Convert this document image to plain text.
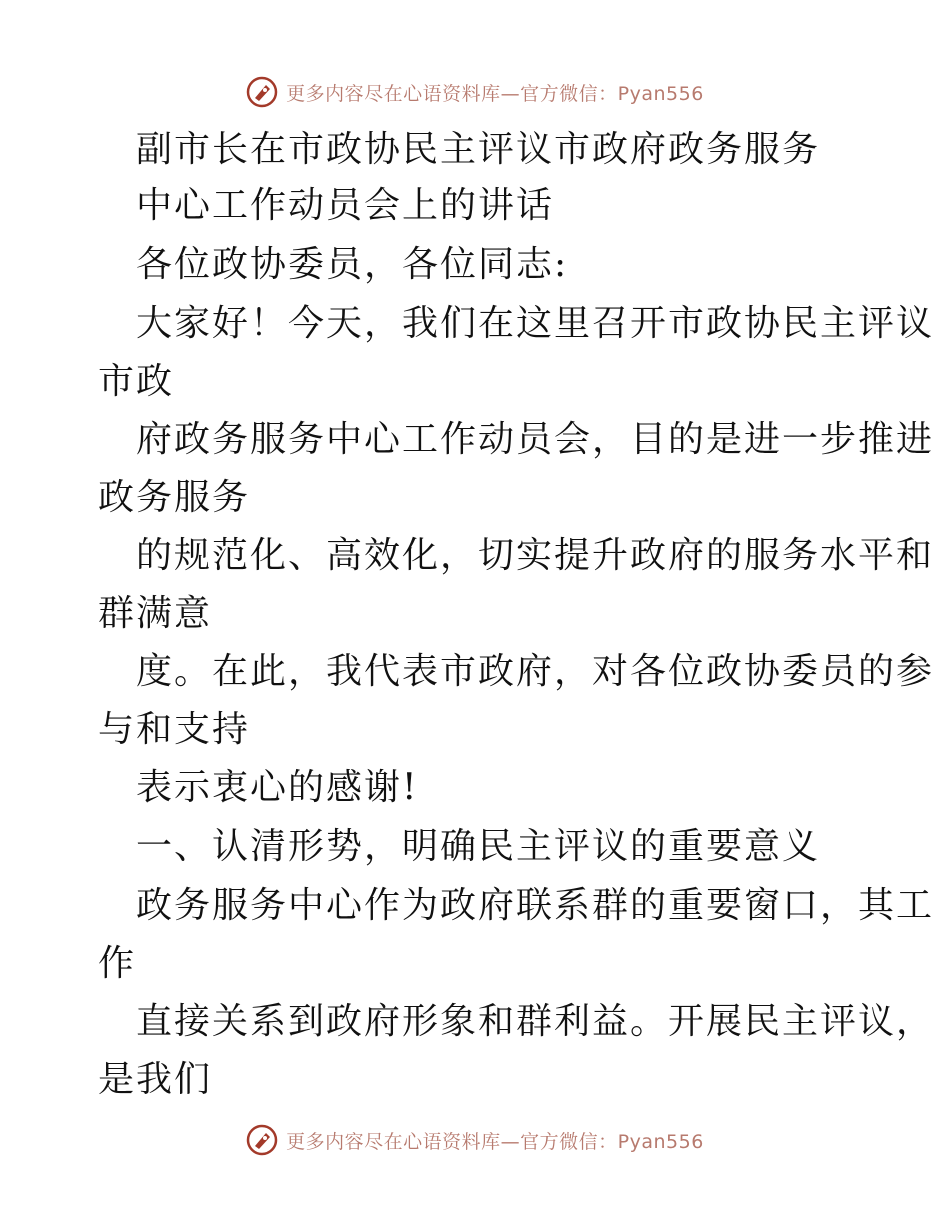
更多内容尽在心语资料库—官方微信：Pyan556
副市长在市政协民主评议市政府政务服务
中心工作动员会上的讲话
各位政协委员，各位同志:
大家好！今天，我们在这里召开市政协民主评议
市政
府政务服务中心工作动员会，目的是进一步推进
政务服务
的规范化、高效化，切实提升政府的服务水平和
群满意
度。在此，我代表市政府，对各位政协委员的参
与和支持
表示衷心的感谢!
一、认清形势，明确民主评议的重要意义
政务服务中心作为政府联系群的重要窗口，其工
作
直接关系到政府形象和群利益。开展民主评议，
是我们
更多内容尽在心语资料库—官方微信：Pyan556
